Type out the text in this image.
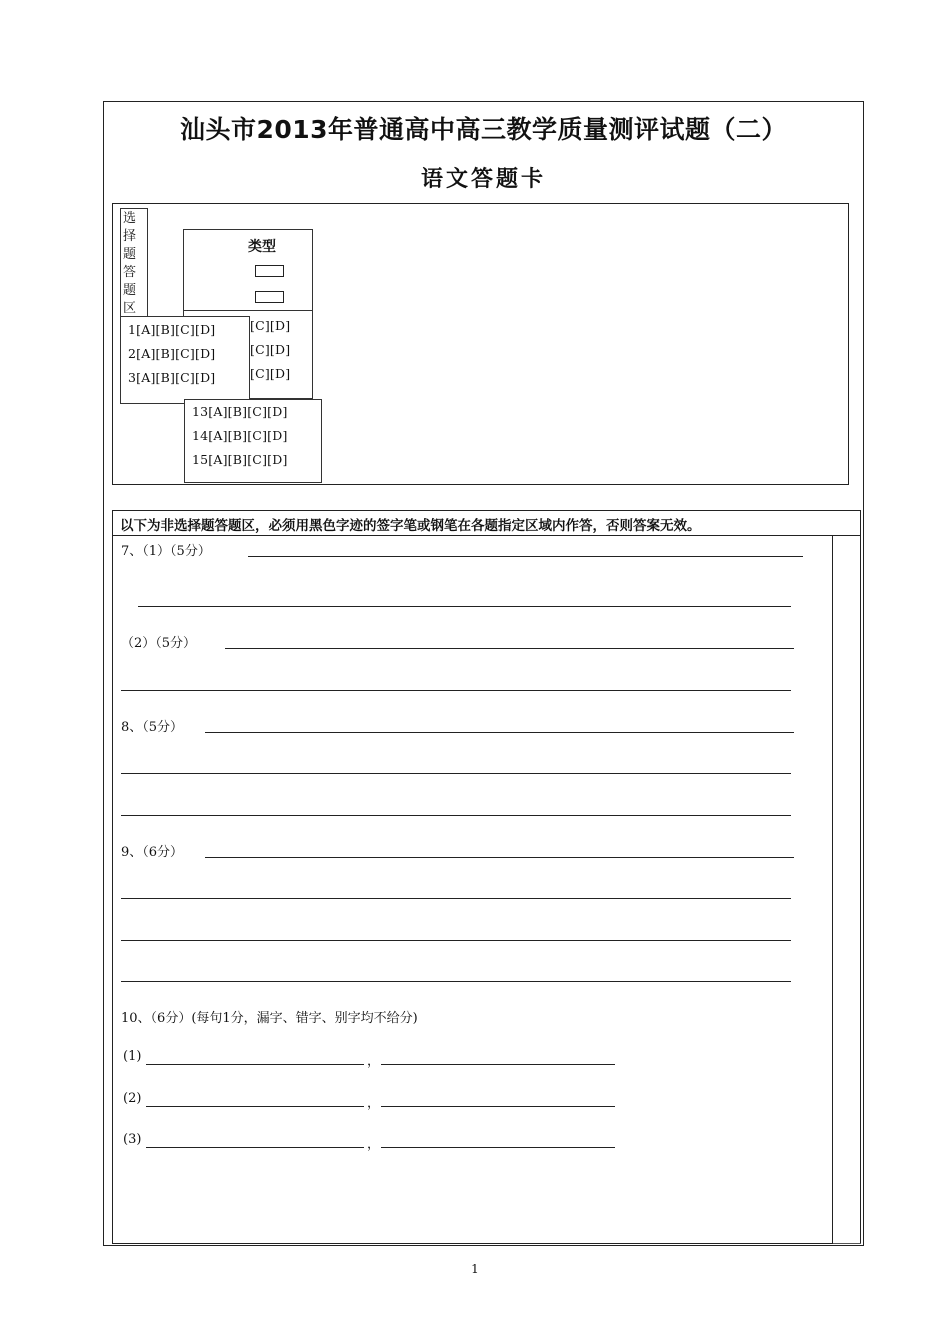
汕头市2013年普通高中高三教学质量测评试题（二）
语文答题卡
选择题答题区
类型
[C][D]
[C][D]
[C][D]
1[A][B][C][D]
2[A][B][C][D]
3[A][B][C][D]
13[A][B][C][D]
14[A][B][C][D]
15[A][B][C][D]
以下为非选择题答题区，必须用黑色字迹的签字笔或钢笔在各题指定区域内作答，否则答案无效。
7、（1）（5分）
（2）（5分）
8、（5分）
9、（6分）
10、（6分）(每句1分，漏字、错字、别字均不给分)
(1)	，
(2)	，
(3)	，
1
